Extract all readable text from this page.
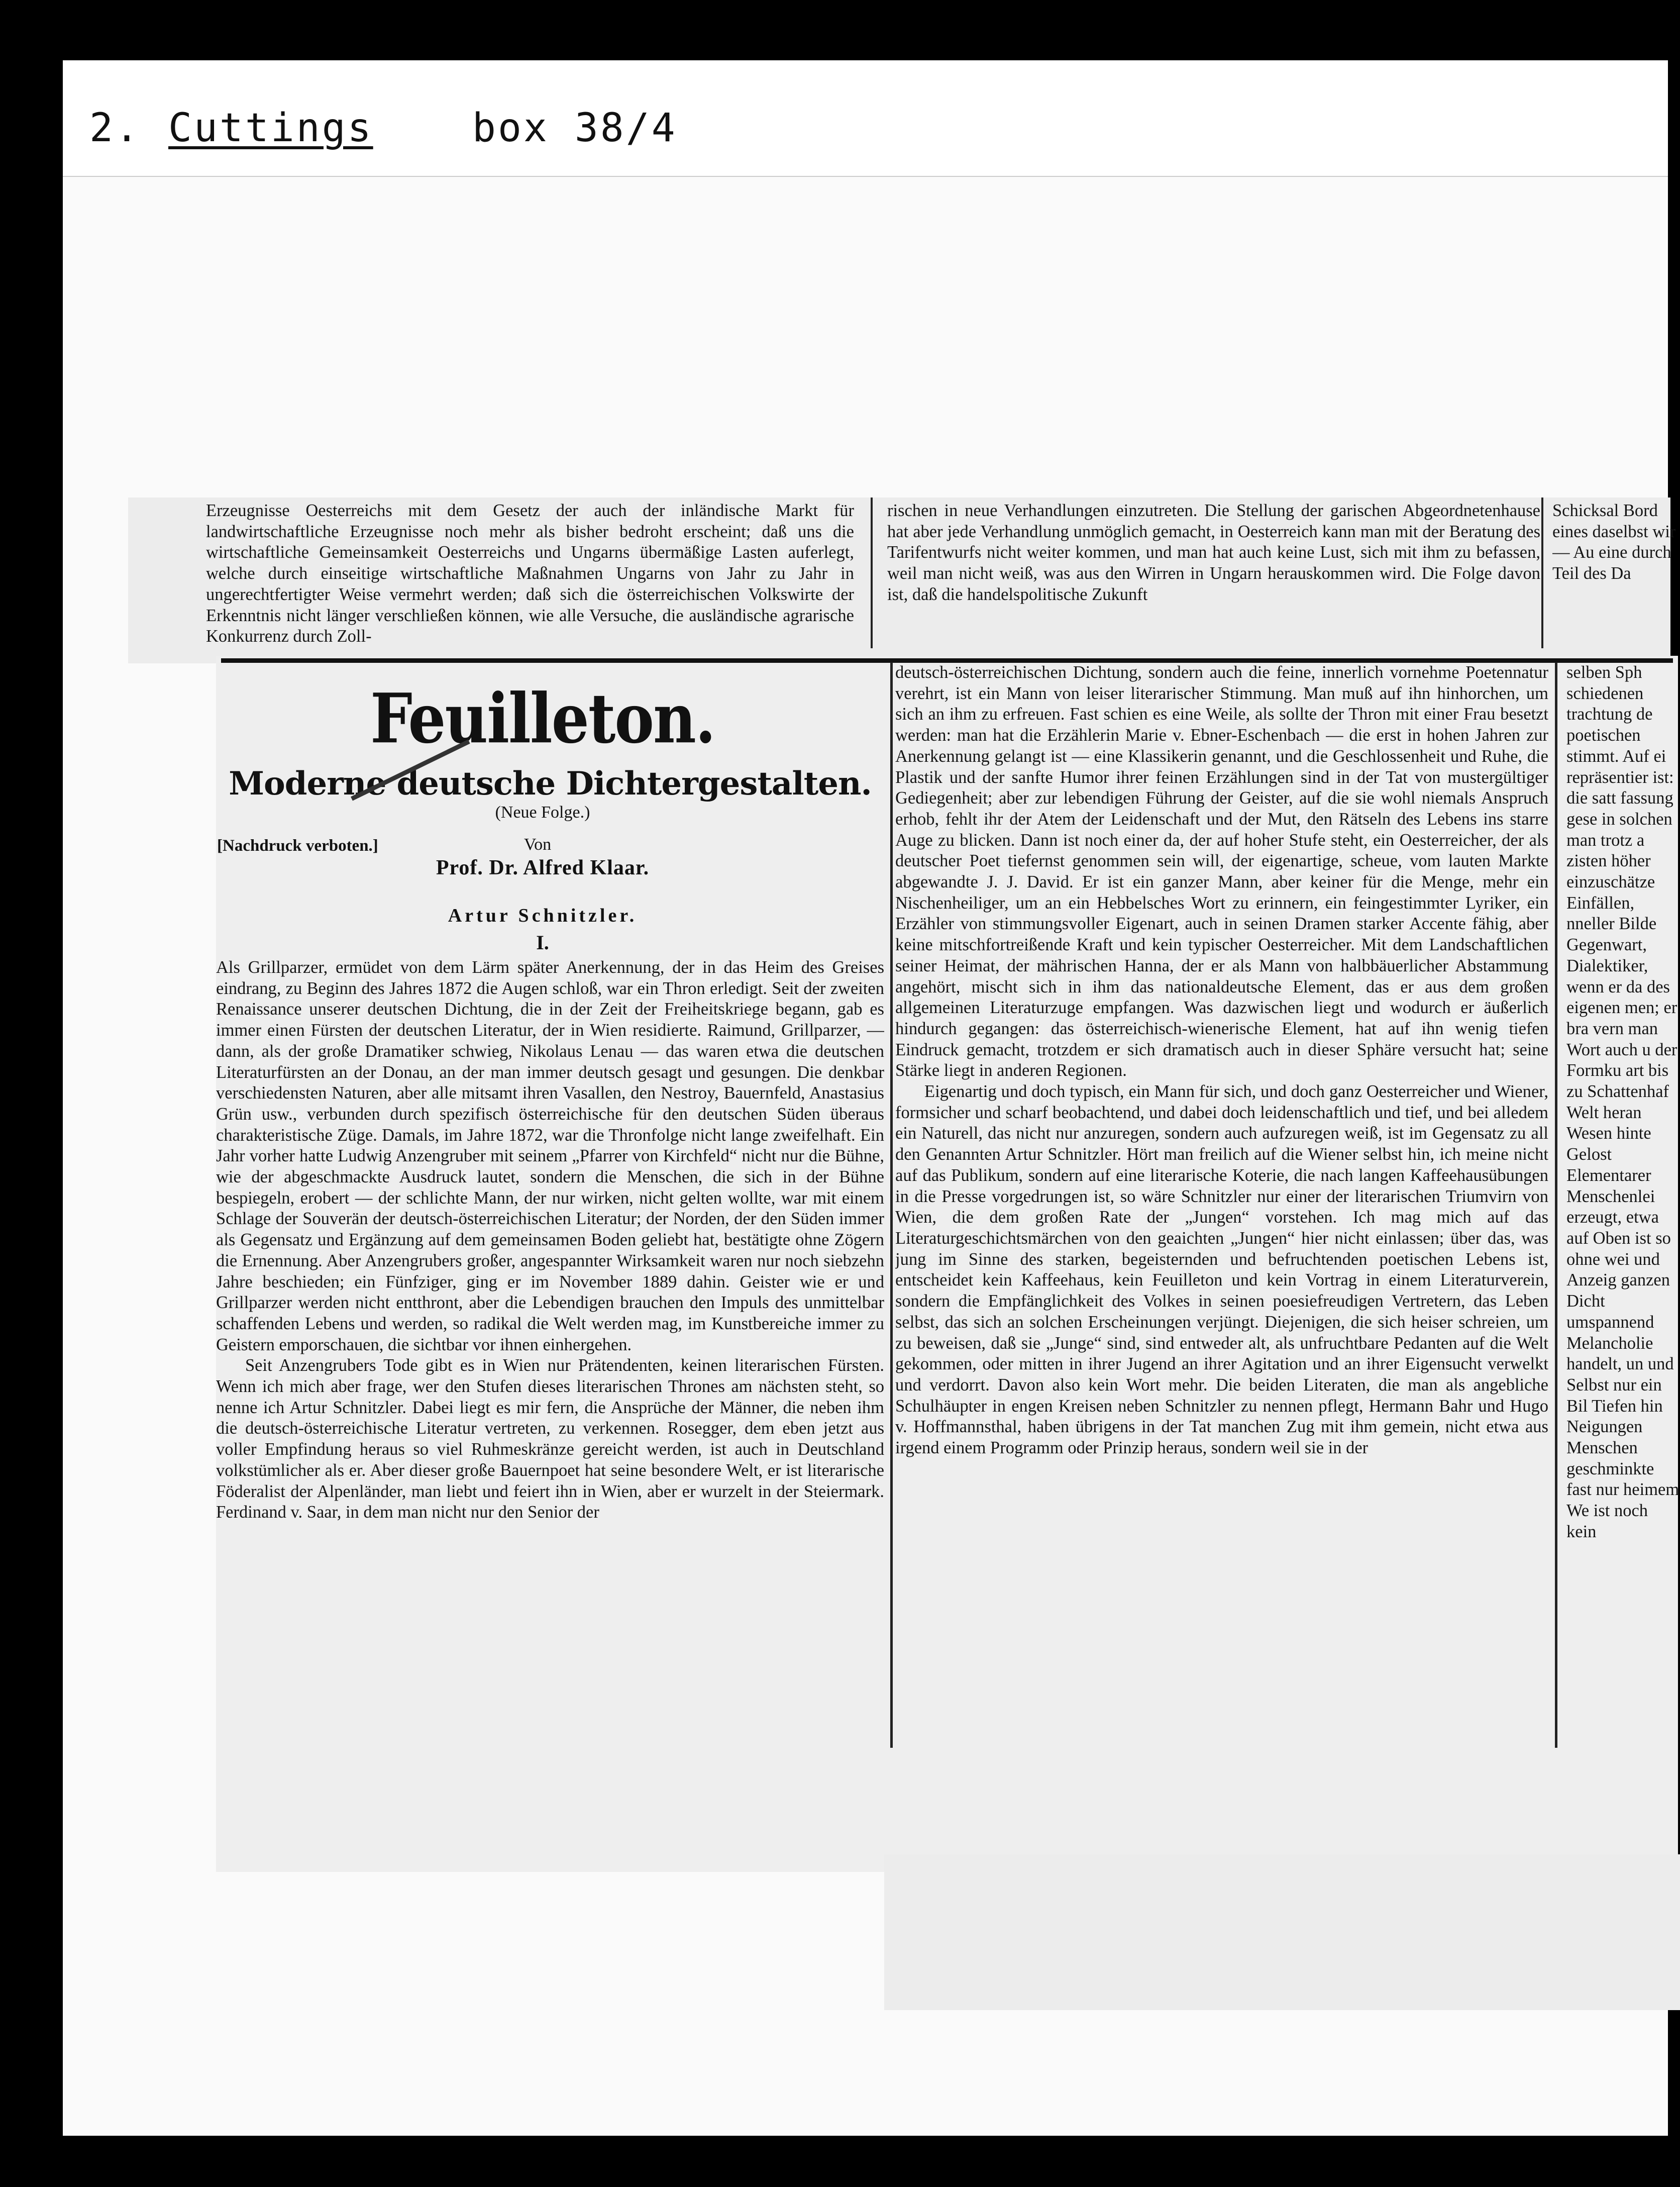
2. Cuttings	box 38/4

Erzeugnisse Oesterreichs mit dem Gesetz der auch der inländische Markt für landwirtschaftliche Erzeugnisse noch mehr als bisher bedroht erscheint; daß uns die wirtschaftliche Gemeinsamkeit Oesterreichs und Ungarns übermäßige Lasten auferlegt, welche durch einseitige wirtschaftliche Maßnahmen Ungarns von Jahr zu Jahr in ungerechtfertigter Weise vermehrt werden; daß sich die österreichischen Volkswirte der Erkenntnis nicht länger verschließen können, wie alle Versuche, die ausländische agrarische Konkurrenz durch Zoll-

rischen in neue Verhandlungen einzutreten. Die Stellung der garischen Abgeordnetenhause hat aber jede Verhandlung unmöglich gemacht, in Oesterreich kann man mit der Beratung des Tarifentwurfs nicht weiter kommen, und man hat auch keine Lust, sich mit ihm zu befassen, weil man nicht weiß, was aus den Wirren in Ungarn herauskommen wird. Die Folge davon ist, daß die handelspolitische Zukunft

Schicksal Bord eines daselbst wir — Au eine durch Teil des Da

Feuilleton.
Moderne deutsche Dichtergestalten.
(Neue Folge.)
[Nachdruck verboten.]	Von
Prof. Dr. Alfred Klaar.
Artur Schnitzler.
I.

Als Grillparzer, ermüdet von dem Lärm später Anerkennung, der in das Heim des Greises eindrang, zu Beginn des Jahres 1872 die Augen schloß, war ein Thron erledigt. Seit der zweiten Renaissance unserer deutschen Dichtung, die in der Zeit der Freiheitskriege begann, gab es immer einen Fürsten der deutschen Literatur, der in Wien residierte. Raimund, Grillparzer, — dann, als der große Dramatiker schwieg, Nikolaus Lenau — das waren etwa die deutschen Literaturfürsten an der Donau, an der man immer deutsch gesagt und gesungen. Die denkbar verschiedensten Naturen, aber alle mitsamt ihren Vasallen, den Nestroy, Bauernfeld, Anastasius Grün usw., verbunden durch spezifisch österreichische für den deutschen Süden überaus charakteristische Züge. Damals, im Jahre 1872, war die Thronfolge nicht lange zweifelhaft. Ein Jahr vorher hatte Ludwig Anzengruber mit seinem „Pfarrer von Kirchfeld“ nicht nur die Bühne, wie der abgeschmackte Ausdruck lautet, sondern die Menschen, die sich in der Bühne bespiegeln, erobert — der schlichte Mann, der nur wirken, nicht gelten wollte, war mit einem Schlage der Souverän der deutsch-österreichischen Literatur; der Norden, der den Süden immer als Gegensatz und Ergänzung auf dem gemeinsamen Boden geliebt hat, bestätigte ohne Zögern die Ernennung. Aber Anzengrubers großer, angespannter Wirksamkeit waren nur noch siebzehn Jahre beschieden; ein Fünfziger, ging er im November 1889 dahin. Geister wie er und Grillparzer werden nicht entthront, aber die Lebendigen brauchen den Impuls des unmittelbar schaffenden Lebens und werden, so radikal die Welt werden mag, im Kunstbereiche immer zu Geistern emporschauen, die sichtbar vor ihnen einhergehen.

Seit Anzengrubers Tode gibt es in Wien nur Prätendenten, keinen literarischen Fürsten. Wenn ich mich aber frage, wer den Stufen dieses literarischen Thrones am nächsten steht, so nenne ich Artur Schnitzler. Dabei liegt es mir fern, die Ansprüche der Männer, die neben ihm die deutsch-österreichische Literatur vertreten, zu verkennen. Rosegger, dem eben jetzt aus voller Empfindung heraus so viel Ruhmeskränze gereicht werden, ist auch in Deutschland volkstümlicher als er. Aber dieser große Bauernpoet hat seine besondere Welt, er ist literarische Föderalist der Alpenländer, man liebt und feiert ihn in Wien, aber er wurzelt in der Steiermark. Ferdinand v. Saar, in dem man nicht nur den Senior der

deutsch-österreichischen Dichtung, sondern auch die feine, innerlich vornehme Poetennatur verehrt, ist ein Mann von leiser literarischer Stimmung. Man muß auf ihn hinhorchen, um sich an ihm zu erfreuen. Fast schien es eine Weile, als sollte der Thron mit einer Frau besetzt werden: man hat die Erzählerin Marie v. Ebner-Eschenbach — die erst in hohen Jahren zur Anerkennung gelangt ist — eine Klassikerin genannt, und die Geschlossenheit und Ruhe, die Plastik und der sanfte Humor ihrer feinen Erzählungen sind in der Tat von mustergültiger Gediegenheit; aber zur lebendigen Führung der Geister, auf die sie wohl niemals Anspruch erhob, fehlt ihr der Atem der Leidenschaft und der Mut, den Rätseln des Lebens ins starre Auge zu blicken. Dann ist noch einer da, der auf hoher Stufe steht, ein Oesterreicher, der als deutscher Poet tiefernst genommen sein will, der eigenartige, scheue, vom lauten Markte abgewandte J. J. David. Er ist ein ganzer Mann, aber keiner für die Menge, mehr ein Nischenheiliger, um an ein Hebbelsches Wort zu erinnern, ein feingestimmter Lyriker, ein Erzähler von stimmungsvoller Eigenart, auch in seinen Dramen starker Accente fähig, aber keine mitschfortreißende Kraft und kein typischer Oesterreicher. Mit dem Landschaftlichen seiner Heimat, der mährischen Hanna, der er als Mann von halbbäuerlicher Abstammung angehört, mischt sich in ihm das nationaldeutsche Element, das er aus dem großen allgemeinen Literaturzuge empfangen. Was dazwischen liegt und wodurch er äußerlich hindurch gegangen: das österreichisch-wienerische Element, hat auf ihn wenig tiefen Eindruck gemacht, trotzdem er sich dramatisch auch in dieser Sphäre versucht hat; seine Stärke liegt in anderen Regionen.

Eigenartig und doch typisch, ein Mann für sich, und doch ganz Oesterreicher und Wiener, formsicher und scharf beobachtend, und dabei doch leidenschaftlich und tief, und bei alledem ein Naturell, das nicht nur anzuregen, sondern auch aufzuregen weiß, ist im Gegensatz zu all den Genannten Artur Schnitzler. Hört man freilich auf die Wiener selbst hin, ich meine nicht auf das Publikum, sondern auf eine literarische Koterie, die nach langen Kaffeehausübungen in die Presse vorgedrungen ist, so wäre Schnitzler nur einer der literarischen Triumvirn von Wien, die dem großen Rate der „Jungen“ vorstehen. Ich mag mich auf das Literaturgeschichtsmärchen von den geaichten „Jungen“ hier nicht einlassen; über das, was jung im Sinne des starken, begeisternden und befruchtenden poetischen Lebens ist, entscheidet kein Kaffeehaus, kein Feuilleton und kein Vortrag in einem Literaturverein, sondern die Empfänglichkeit des Volkes in seinen poesiefreudigen Vertretern, das Leben selbst, das sich an solchen Erscheinungen verjüngt. Diejenigen, die sich heiser schreien, um zu beweisen, daß sie „Junge“ sind, sind entweder alt, als unfruchtbare Pedanten auf die Welt gekommen, oder mitten in ihrer Jugend an ihrer Agitation und an ihrer Eigensucht verwelkt und verdorrt. Davon also kein Wort mehr. Die beiden Literaten, die man als angebliche Schulhäupter in engen Kreisen neben Schnitzler zu nennen pflegt, Hermann Bahr und Hugo v. Hoffmannsthal, haben übrigens in der Tat manchen Zug mit ihm gemein, nicht etwa aus irgend einem Programm oder Prinzip heraus, sondern weil sie in der

selben Sph schiedenen trachtung de poetischen stimmt. Auf ei repräsentier ist: die satt fassung gese in solchen man trotz a zisten höher einzuschätze Einfällen, nneller Bilde Gegenwart, Dialektiker, wenn er da des eigenen men; er bra vern man Wort auch u der Formku art bis zu Schattenhaf Welt heran Wesen hinte Gelost Elementarer Menschenlei erzeugt, etwa auf Oben ist so ohne wei und Anzeig ganzen Dicht umspannend Melancholie handelt, un und Selbst nur ein Bil Tiefen hin Neigungen Menschen geschminkte fast nur heimem We ist noch kein
